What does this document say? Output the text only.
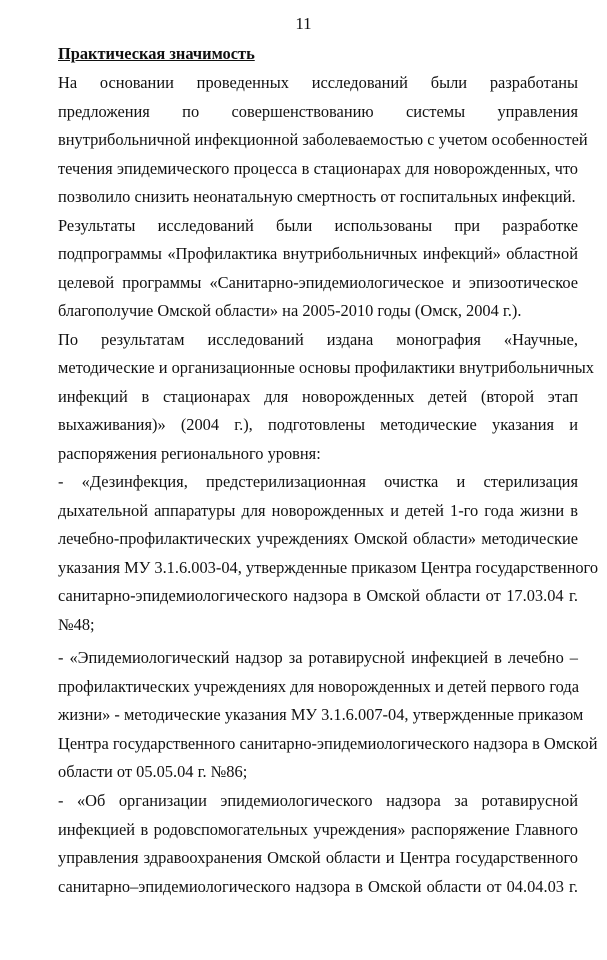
11
Практическая значимость
На основании проведенных исследований были разработаны
предложения по совершенствованию системы управления
внутрибольничной инфекционной заболеваемостью с учетом особенностей
течения эпидемического процесса в стационарах для новорожденных, что
позволило снизить неонатальную смертность от госпитальных инфекций.
Результаты исследований были использованы при разработке
подпрограммы «Профилактика внутрибольничных инфекций» областной
целевой программы «Санитарно-эпидемиологическое и эпизоотическое
благополучие Омской области» на 2005-2010 годы (Омск, 2004 г.).
По результатам исследований издана монография «Научные,
методические и организационные основы профилактики внутрибольничных
инфекций в стационарах для новорожденных детей (второй этап
выхаживания)» (2004 г.), подготовлены методические указания и
распоряжения регионального уровня:
- «Дезинфекция, предстерилизационная очистка и стерилизация
дыхательной аппаратуры для новорожденных и детей 1-го года жизни в
лечебно-профилактических учреждениях Омской области» методические
указания МУ 3.1.6.003-04, утвержденные приказом Центра государственного
санитарно-эпидемиологического надзора в Омской области от 17.03.04 г.
№48;
- «Эпидемиологический надзор за ротавирусной инфекцией в лечебно –
профилактических учреждениях для новорожденных и детей первого года
жизни» - методические указания МУ 3.1.6.007-04, утвержденные приказом
Центра государственного санитарно-эпидемиологического надзора в Омской
области от 05.05.04 г. №86;
- «Об организации эпидемиологического надзора за ротавирусной
инфекцией в родовспомогательных учреждения» распоряжение Главного
управления здравоохранения Омской области и Центра государственного
санитарно–эпидемиологического надзора в Омской области от 04.04.03 г.
